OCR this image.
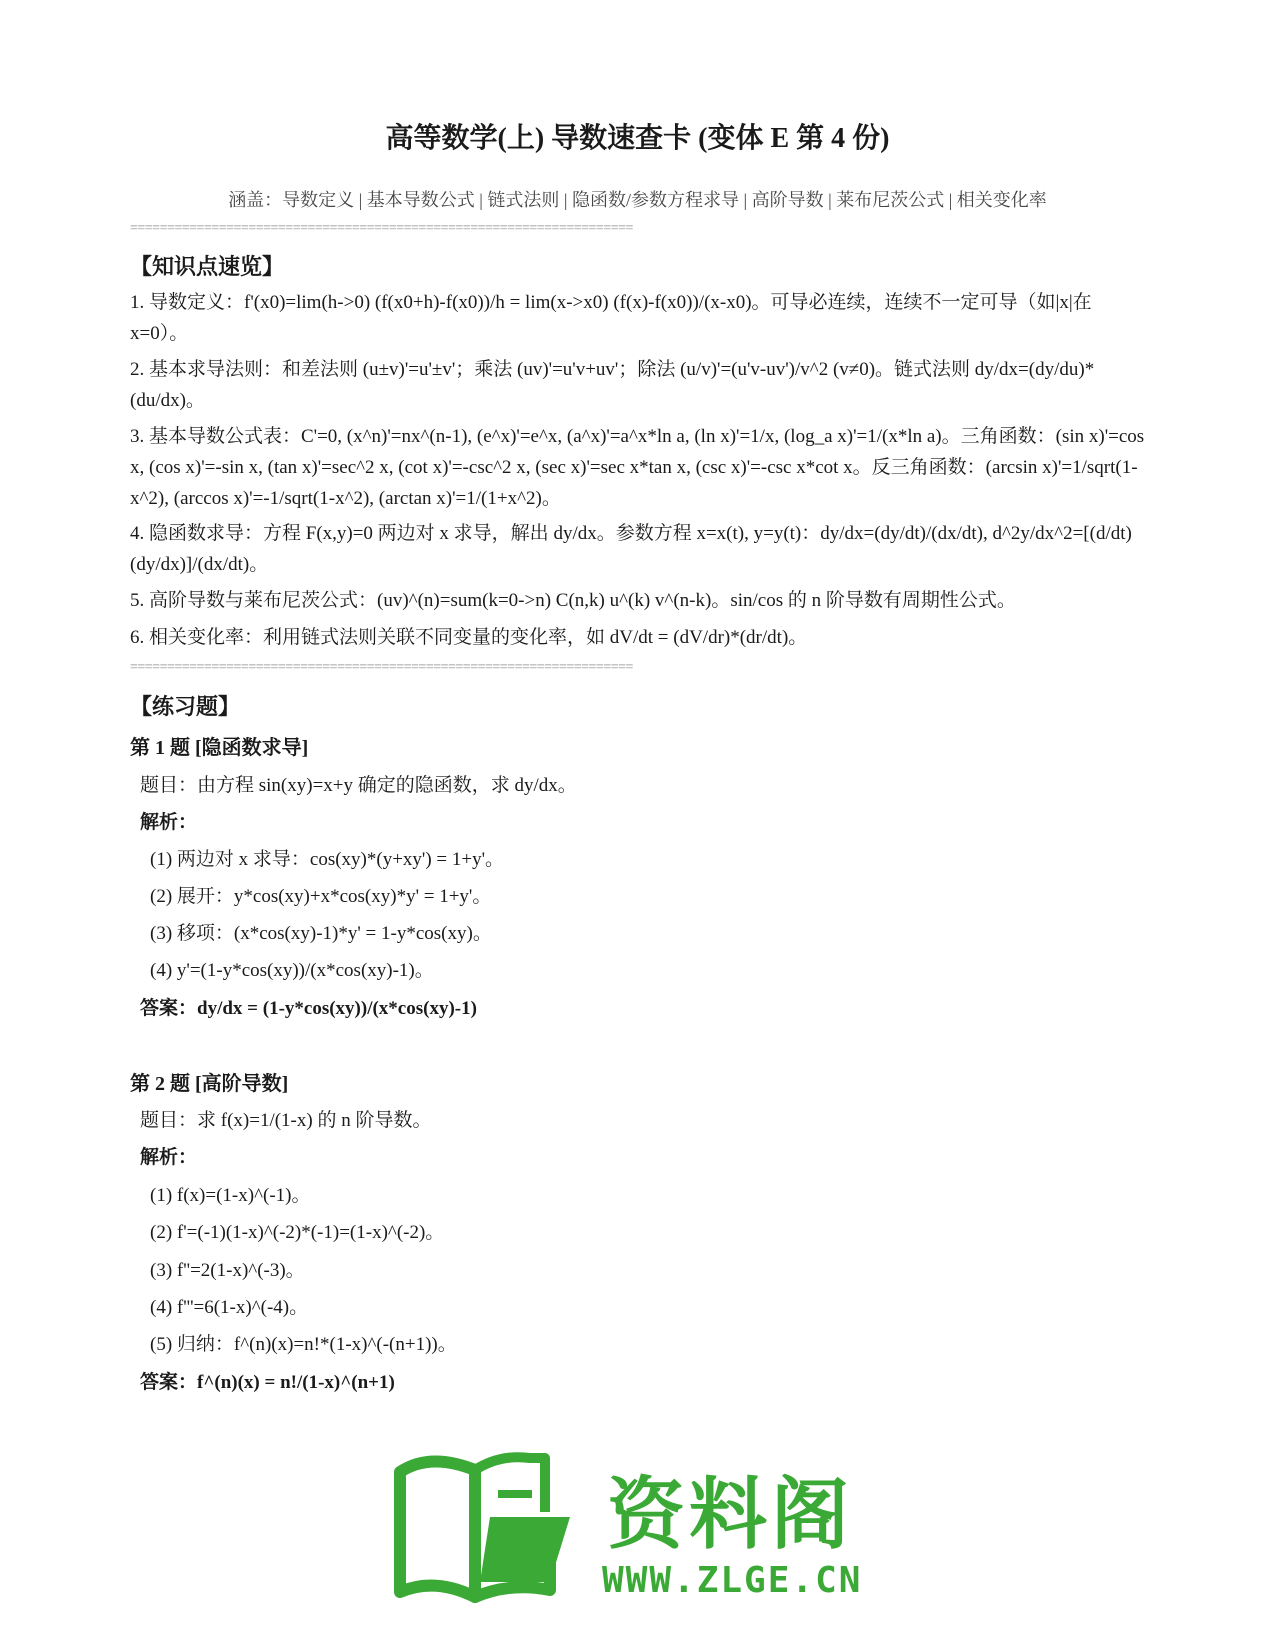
高等数学(上) 导数速查卡 (变体 E 第 4 份)
涵盖：导数定义 | 基本导数公式 | 链式法则 | 隐函数/参数方程求导 | 高阶导数 | 莱布尼茨公式 | 相关变化率
====================================================================
【知识点速览】
1. 导数定义：f'(x0)=lim(h->0) (f(x0+h)-f(x0))/h = lim(x->x0) (f(x)-f(x0))/(x-x0)。可导必连续，连续不一定可导（如|x|在 x=0）。
2. 基本求导法则：和差法则 (u±v)'=u'±v'；乘法 (uv)'=u'v+uv'；除法 (u/v)'=(u'v-uv')/v^2 (v≠0)。链式法则 dy/dx=(dy/du)*(du/dx)。
3. 基本导数公式表：C'=0, (x^n)'=nx^(n-1), (e^x)'=e^x, (a^x)'=a^x*ln a, (ln x)'=1/x, (log_a x)'=1/(x*ln a)。三角函数：(sin x)'=cos x, (cos x)'=-sin x, (tan x)'=sec^2 x, (cot x)'=-csc^2 x, (sec x)'=sec x*tan x, (csc x)'=-csc x*cot x。反三角函数：(arcsin x)'=1/sqrt(1-x^2), (arccos x)'=-1/sqrt(1-x^2), (arctan x)'=1/(1+x^2)。
4. 隐函数求导：方程 F(x,y)=0 两边对 x 求导，解出 dy/dx。参数方程 x=x(t), y=y(t)：dy/dx=(dy/dt)/(dx/dt), d^2y/dx^2=[(d/dt)(dy/dx)]/(dx/dt)。
5. 高阶导数与莱布尼茨公式：(uv)^(n)=sum(k=0->n) C(n,k) u^(k) v^(n-k)。sin/cos 的 n 阶导数有周期性公式。
6. 相关变化率：利用链式法则关联不同变量的变化率，如 dV/dt = (dV/dr)*(dr/dt)。
====================================================================
【练习题】
第 1 题 [隐函数求导]
题目：由方程 sin(xy)=x+y 确定的隐函数，求 dy/dx。
解析：
(1) 两边对 x 求导：cos(xy)*(y+xy') = 1+y'。
(2) 展开：y*cos(xy)+x*cos(xy)*y' = 1+y'。
(3) 移项：(x*cos(xy)-1)*y' = 1-y*cos(xy)。
(4) y'=(1-y*cos(xy))/(x*cos(xy)-1)。
答案：dy/dx = (1-y*cos(xy))/(x*cos(xy)-1)
第 2 题 [高阶导数]
题目：求 f(x)=1/(1-x) 的 n 阶导数。
解析：
(1) f(x)=(1-x)^(-1)。
(2) f'=(-1)(1-x)^(-2)*(-1)=(1-x)^(-2)。
(3) f''=2(1-x)^(-3)。
(4) f'''=6(1-x)^(-4)。
(5) 归纳：f^(n)(x)=n!*(1-x)^(-(n+1))。
答案：f^(n)(x) = n!/(1-x)^(n+1)
资料阁
WWW.ZLGE.CN
